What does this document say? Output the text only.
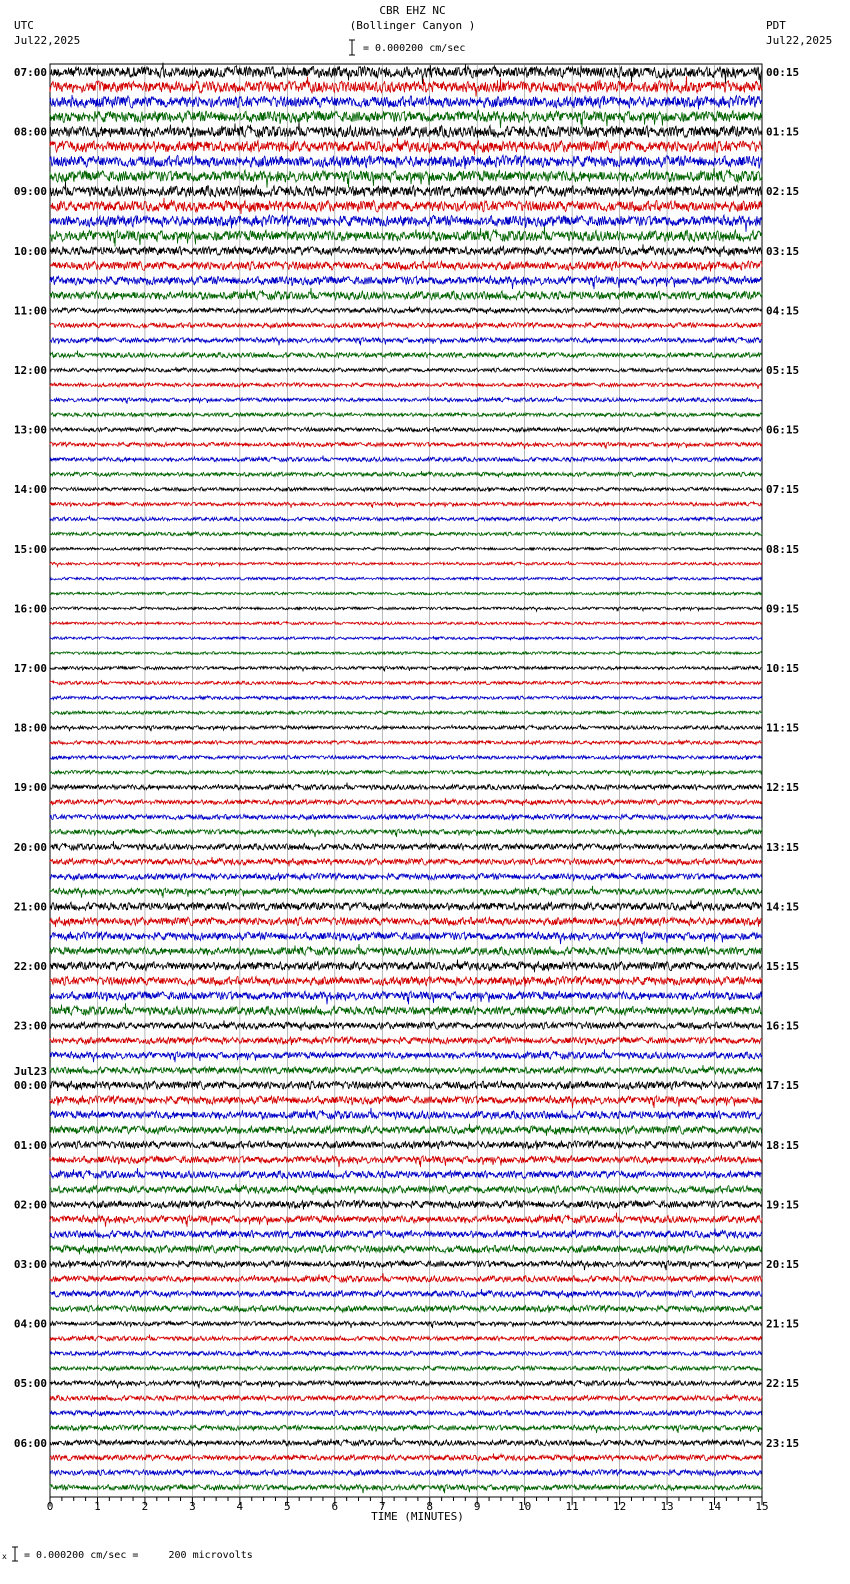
CBR EHZ NC
(Bollinger Canyon )
= 0.000200 cm/sec
UTC
Jul22,2025
PDT
Jul22,2025
07:00	00:15
08:00	01:15
09:00	02:15
10:00	03:15
11:00	04:15
12:00	05:15
13:00	06:15
14:00	07:15
15:00	08:15
16:00	09:15
17:00	10:15
18:00	11:15
19:00	12:15
20:00	13:15
21:00	14:15
22:00	15:15
23:00	16:15
00:00	17:15
Jul23
01:00	18:15
02:00	19:15
03:00	20:15
04:00	21:15
05:00	22:15
06:00	23:15
0	1	2	3	4	5	6	7	8	9	10	11	12	13	14	15
TIME (MINUTES)
x = 0.000200 cm/sec =     200 microvolts
